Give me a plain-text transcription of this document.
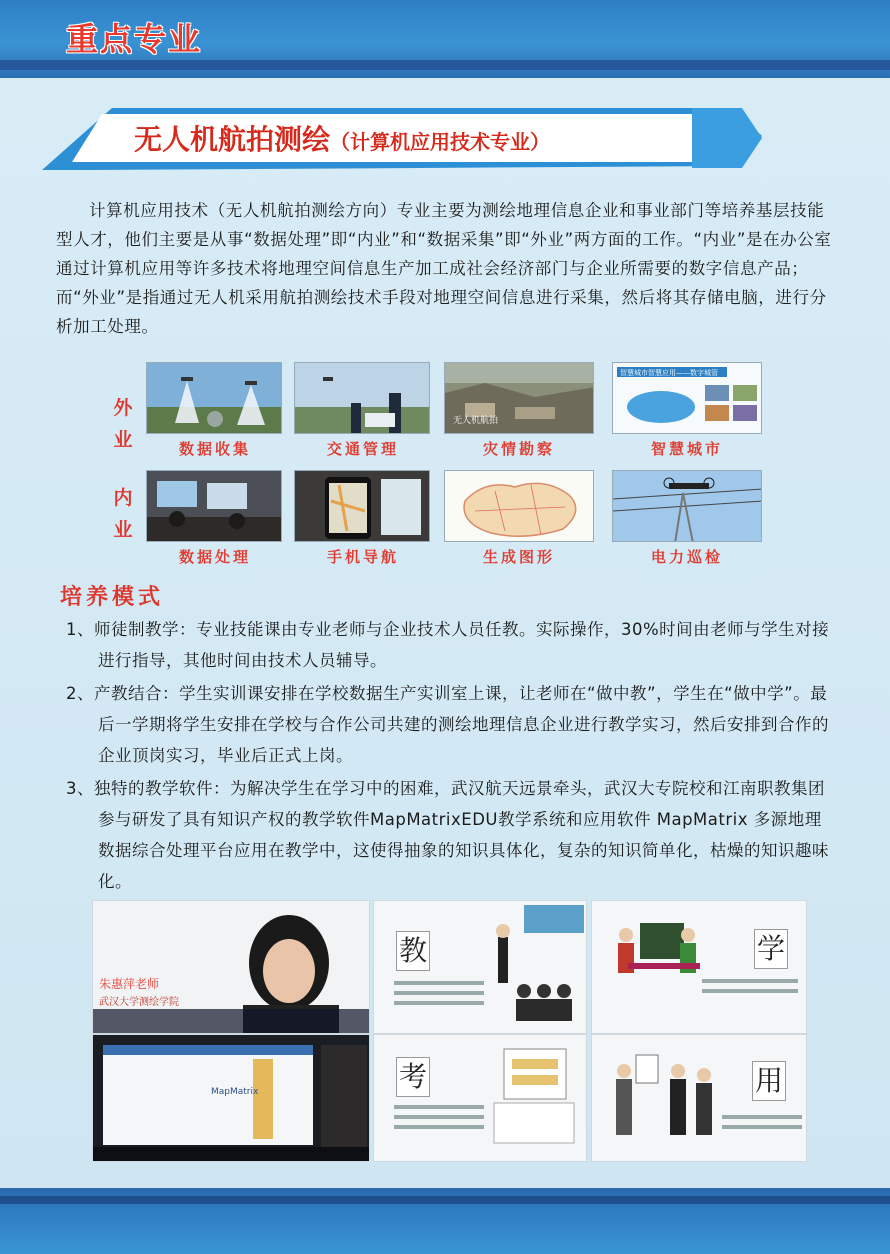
重点专业
无人机航拍测绘（计算机应用技术专业）
计算机应用技术（无人机航拍测绘方向）专业主要为测绘地理信息企业和事业部门等培养基层技能型人才，他们主要是从事“数据处理”即“内业”和“数据采集”即“外业”两方面的工作。“内业”是在办公室通过计算机应用等许多技术将地理空间信息生产加工成社会经济部门与企业所需要的数字信息产品；而“外业”是指通过无人机采用航拍测绘技术手段对地理空间信息进行采集，然后将其存储电脑，进行分析加工处理。
外业
内业
无人机航拍
智慧城市智慧应用——数字城管
数据收集	交通管理	灾情勘察	智慧城市
数据处理	手机导航	生成图形	电力巡检
培养模式
1、师徒制教学：专业技能课由专业老师与企业技术人员任教。实际操作，30%时间由老师与学生对接进行指导，其他时间由技术人员辅导。
2、产教结合：学生实训课安排在学校数据生产实训室上课，让老师在“做中教”，学生在“做中学”。最后一学期将学生安排在学校与合作公司共建的测绘地理信息企业进行教学实习，然后安排到合作的企业顶岗实习，毕业后正式上岗。
3、独特的教学软件：为解决学生在学习中的困难，武汉航天远景牵头，武汉大专院校和江南职教集团参与研发了具有知识产权的教学软件MapMatrixEDU教学系统和应用软件 MapMatrix 多源地理数据综合处理平台应用在教学中，这使得抽象的知识具体化，复杂的知识简单化，枯燥的知识趣味化。
朱惠萍老师
武汉大学测绘学院
MapMatrix
教	学
考	用
